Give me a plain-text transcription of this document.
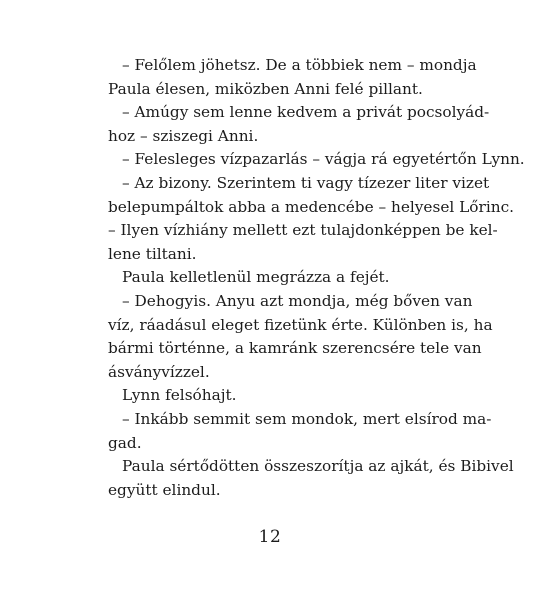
– Felőlem jöhetsz. De a többiek nem – mondja
Paula élesen, miközben Anni felé pillant.
– Amúgy sem lenne kedvem a privát pocsolyád-
hoz – sziszegi Anni.
– Felesleges vízpazarlás – vágja rá egyetértőn Lynn.
– Az bizony. Szerintem ti vagy tízezer liter vizet
belepumpáltok abba a medencébe – helyesel Lőrinc.
– Ilyen vízhiány mellett ezt tulajdonképpen be kel-
lene tiltani.
Paula kelletlenül megrázza a fejét.
– Dehogyis. Anyu azt mondja, még bőven van
víz, ráadásul eleget fizetünk érte. Különben is, ha
bármi történne, a kamránk szerencsére tele van
ásványvízzel.
Lynn felsóhajt.
– Inkább semmit sem mondok, mert elsírod ma-
gad.
Paula sértődötten összeszorítja az ajkát, és Bibivel
együtt elindul.
12
